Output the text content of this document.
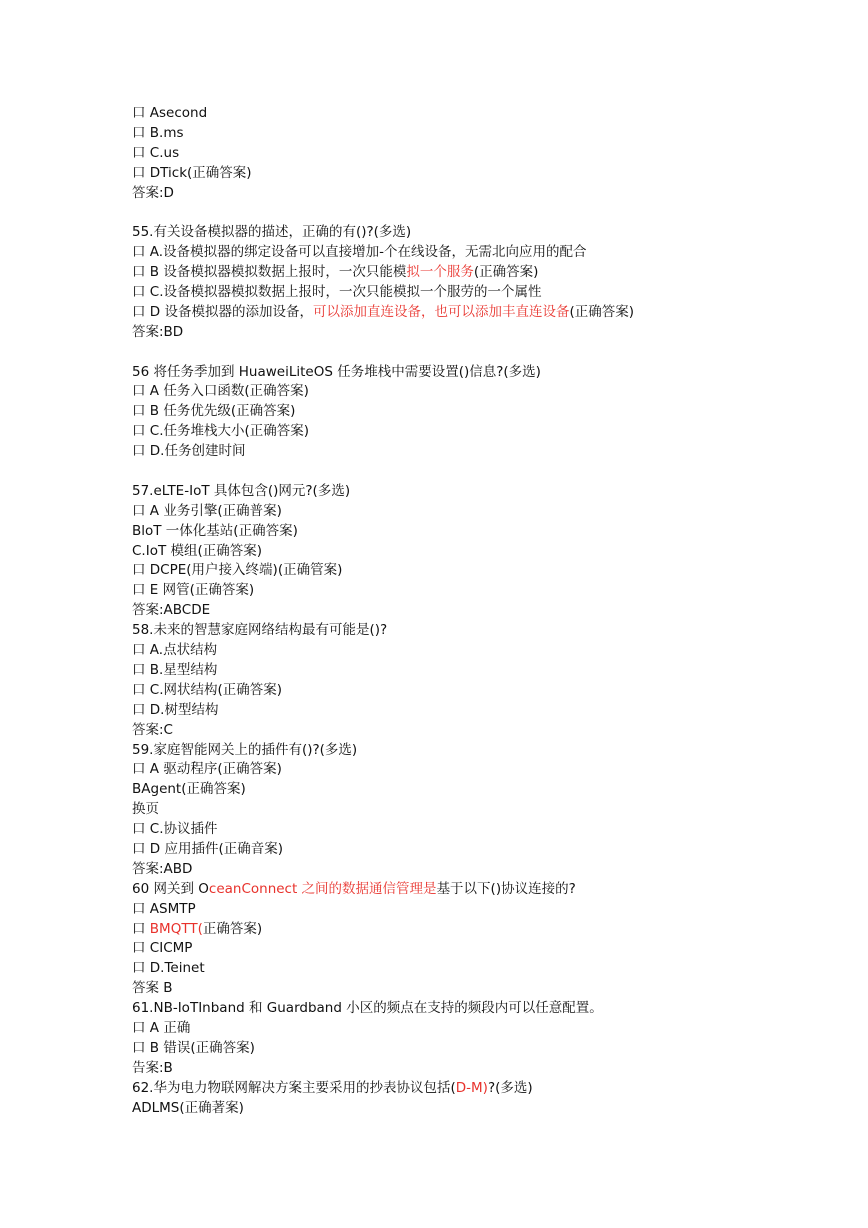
口 Asecond
口 B.ms
口 C.us
口 DTick(正确答案)
答案:D
55.有关设备模拟器的描述，正确的有()?(多选)
口 A.设备模拟器的绑定设备可以直接增加-个在线设备，无需北向应用的配合
口 B 设备模拟器模拟数据上报时，一次只能模拟一个服务(正确答案)
口 C.设备模拟器模拟数据上报时，一次只能模拟一个服劳的一个属性
口 D 设备模拟器的添加设备，可以添加直连设备，也可以添加丰直连设备(正确答案)
答案:BD
56 将任务季加到 HuaweiLiteOS 任务堆栈中需要设置()信息?(多选)
口 A 任务入口函数(正确答案)
口 B 任务优先级(正确答案)
口 C.任务堆栈大小(正确答案)
口 D.任务创建时间
57.eLTE-IoT 具体包含()网元?(多选)
口 A 业务引擎(正确普案)
BloT 一体化基站(正确答案)
C.IoT 模组(正确答案)
口 DCPE(用户接入终端)(正确管案)
口 E 网管(正确答案)
答案:ABCDE
58.未来的智慧家庭网络结构最有可能是()?
口 A.点状结构
口 B.星型结构
口 C.网状结构(正确答案)
口 D.树型结构
答案:C
59.家庭智能网关上的插件有()?(多选)
口 A 驱动程序(正确答案)
BAgent(正确答案)
换页
口 C.协议插件
口 D 应用插件(正确音案)
答案:ABD
60 网关到 OceanConnect 之间的数据通信管理是基于以下()协议连接的?
口 ASMTP
口 BMQTT(正确答案)
口 CICMP
口 D.Teinet
答案 B
61.NB-IoTInband 和 Guardband 小区的频点在支持的频段内可以任意配置。
口 A 正确
口 B 错误(正确答案)
告案:B
62.华为电力物联网解决方案主要采用的抄表协议包括(D-M)?(多选)
ADLMS(正确著案)
